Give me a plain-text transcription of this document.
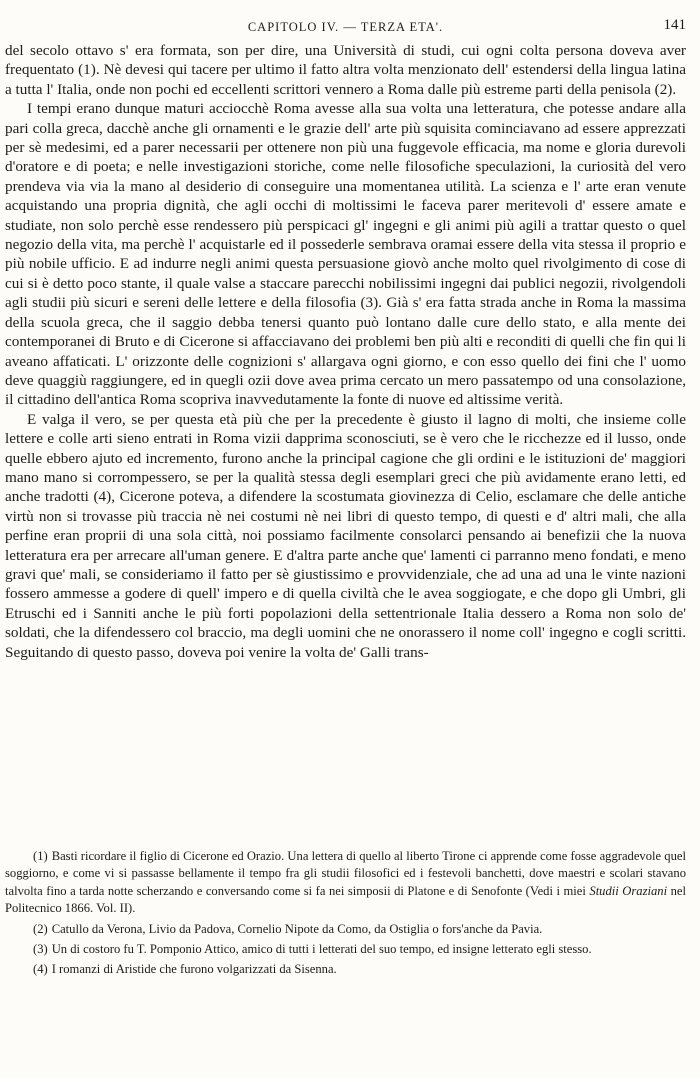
CAPITOLO IV. — TERZA ETA'.	141

del secolo ottavo s' era formata, son per dire, una Università di studi, cui ogni colta persona doveva aver frequentato (1). Nè devesi qui tacere per ultimo il fatto altra volta menzionato dell' estendersi della lingua latina a tutta l' Italia, onde non pochi ed eccellenti scrittori vennero a Roma dalle più estreme parti della penisola (2).

I tempi erano dunque maturi acciocchè Roma avesse alla sua volta una letteratura, che potesse andare alla pari colla greca, dacchè anche gli ornamenti e le grazie dell' arte più squisita cominciavano ad essere apprezzati per sè medesimi, ed a parer necessarii per ottenere non più una fuggevole efficacia, ma nome e gloria durevoli d'oratore e di poeta; e nelle investigazioni storiche, come nelle filosofiche speculazioni, la curiosità del vero prendeva via via la mano al desiderio di conseguire una momentanea utilità. La scienza e l' arte eran venute acquistando una propria dignità, che agli occhi di moltissimi le faceva parer meritevoli d' essere amate e studiate, non solo perchè esse rendessero più perspicaci gl' ingegni e gli animi più agili a trattar questo o quel negozio della vita, ma perchè l' acquistarle ed il possederle sembrava oramai essere della vita stessa il proprio e più nobile ufficio. E ad indurre negli animi questa persuasione giovò anche molto quel rivolgimento di cose di cui si è detto poco stante, il quale valse a staccare parecchi nobilissimi ingegni dai publici negozii, rivolgendoli agli studii più sicuri e sereni delle lettere e della filosofia (3). Già s' era fatta strada anche in Roma la massima della scuola greca, che il saggio debba tenersi quanto può lontano dalle cure dello stato, e alla mente dei contemporanei di Bruto e di Cicerone si affacciavano dei problemi ben più alti e reconditi di quelli che fin qui li aveano affaticati. L' orizzonte delle cognizioni s' allargava ogni giorno, e con esso quello dei fini che l' uomo deve quaggiù raggiungere, ed in quegli ozii dove avea prima cercato un mero passatempo od una consolazione, il cittadino dell'antica Roma scopriva inavvedutamente la fonte di nuove ed altissime verità.

E valga il vero, se per questa età più che per la precedente è giusto il lagno di molti, che insieme colle lettere e colle arti sieno entrati in Roma vizii dapprima sconosciuti, se è vero che le ricchezze ed il lusso, onde quelle ebbero ajuto ed incremento, furono anche la principal cagione che gli ordini e le istituzioni de' maggiori mano mano si corrompessero, se per la qualità stessa degli esemplari greci che più avidamente erano letti, ed anche tradotti (4), Cicerone poteva, a difendere la scostumata giovinezza di Celio, esclamare che delle antiche virtù non si trovasse più traccia nè nei costumi nè nei libri di questo tempo, di questi e d' altri mali, che alla perfine eran proprii di una sola città, noi possiamo facilmente consolarci pensando ai benefizii che la nuova letteratura era per arrecare all'uman genere. E d'altra parte anche que' lamenti ci parranno meno fondati, e meno gravi que' mali, se consideriamo il fatto per sè giustissimo e provvidenziale, che ad una ad una le vinte nazioni fossero ammesse a godere di quell' impero e di quella civiltà che le avea soggiogate, e che dopo gli Umbri, gli Etruschi ed i Sanniti anche le più forti popolazioni della settentrionale Italia dessero a Roma non solo de' soldati, che la difendessero col braccio, ma degli uomini che ne onorassero il nome coll' ingegno e cogli scritti. Seguitando di questo passo, doveva poi venire la volta de' Galli trans-

(1) Basti ricordare il figlio di Cicerone ed Orazio. Una lettera di quello al liberto Tirone ci apprende come fosse aggradevole quel soggiorno, e come vi si passasse bellamente il tempo fra gli studii filosofici ed i festevoli banchetti, dove maestri e scolari stavano talvolta fino a tarda notte scherzando e conversando come si fa nei simposii di Platone e di Senofonte (Vedi i miei Studii Oraziani nel Politecnico 1866. Vol. II).

(2) Catullo da Verona, Livio da Padova, Cornelio Nipote da Como, da Ostiglia o fors'anche da Pavia.

(3) Un di costoro fu T. Pomponio Attico, amico di tutti i letterati del suo tempo, ed insigne letterato egli stesso.

(4) I romanzi di Aristide che furono volgarizzati da Sisenna.
